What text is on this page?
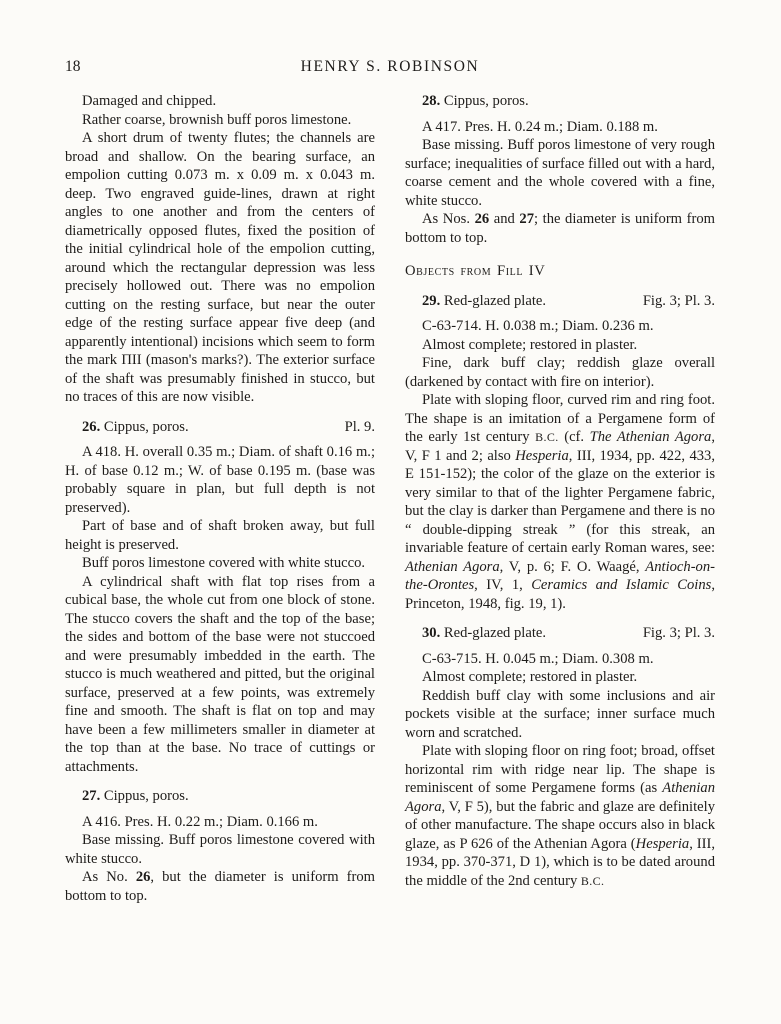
18	HENRY S. ROBINSON

Damaged and chipped.

Rather coarse, brownish buff poros limestone.

A short drum of twenty flutes; the channels are broad and shallow. On the bearing surface, an empolion cutting 0.073 m. x 0.09 m. x 0.043 m. deep. Two engraved guide-lines, drawn at right angles to one another and from the centers of diametrically opposed flutes, fixed the position of the initial cylindrical hole of the empolion cutting, around which the rectangular depression was less precisely hollowed out. There was no empolion cutting on the resting surface, but near the outer edge of the resting surface appear five deep (and apparently intentional) incisions which seem to form the mark ΠΙΙ (mason's marks?). The exterior surface of the shaft was presumably finished in stucco, but no traces of this are now visible.

26. Cippus, poros.	Pl. 9.

A 418. H. overall 0.35 m.; Diam. of shaft 0.16 m.; H. of base 0.12 m.; W. of base 0.195 m. (base was probably square in plan, but full depth is not preserved).

Part of base and of shaft broken away, but full height is preserved.

Buff poros limestone covered with white stucco.

A cylindrical shaft with flat top rises from a cubical base, the whole cut from one block of stone. The stucco covers the shaft and the top of the base; the sides and bottom of the base were not stuccoed and were presumably imbedded in the earth. The stucco is much weathered and pitted, but the original surface, preserved at a few points, was extremely fine and smooth. The shaft is flat on top and may have been a few millimeters smaller in diameter at the top than at the base. No trace of cuttings or attachments.

27. Cippus, poros.

A 416. Pres. H. 0.22 m.; Diam. 0.166 m.

Base missing. Buff poros limestone covered with white stucco.

As No. 26, but the diameter is uniform from bottom to top.

28. Cippus, poros.

A 417. Pres. H. 0.24 m.; Diam. 0.188 m.

Base missing. Buff poros limestone of very rough surface; inequalities of surface filled out with a hard, coarse cement and the whole covered with a fine, white stucco.

As Nos. 26 and 27; the diameter is uniform from bottom to top.

Objects from Fill IV
29. Red-glazed plate.	Fig. 3; Pl. 3.

C-63-714. H. 0.038 m.; Diam. 0.236 m.

Almost complete; restored in plaster.

Fine, dark buff clay; reddish glaze overall (darkened by contact with fire on interior).

Plate with sloping floor, curved rim and ring foot. The shape is an imitation of a Pergamene form of the early 1st century B.C. (cf. The Athenian Agora, V, F 1 and 2; also Hesperia, III, 1934, pp. 422, 433, E 151-152); the color of the glaze on the exterior is very similar to that of the lighter Pergamene fabric, but the clay is darker than Pergamene and there is no “ double-dipping streak ” (for this streak, an invariable feature of certain early Roman wares, see: Athenian Agora, V, p. 6; F. O. Waagé, Antioch-on-the-Orontes, IV, 1, Ceramics and Islamic Coins, Princeton, 1948, fig. 19, 1).

30. Red-glazed plate.	Fig. 3; Pl. 3.

C-63-715. H. 0.045 m.; Diam. 0.308 m.

Almost complete; restored in plaster.

Reddish buff clay with some inclusions and air pockets visible at the surface; inner surface much worn and scratched.

Plate with sloping floor on ring foot; broad, offset horizontal rim with ridge near lip. The shape is reminiscent of some Pergamene forms (as Athenian Agora, V, F 5), but the fabric and glaze are definitely of other manufacture. The shape occurs also in black glaze, as P 626 of the Athenian Agora (Hesperia, III, 1934, pp. 370-371, D 1), which is to be dated around the middle of the 2nd century B.C.
